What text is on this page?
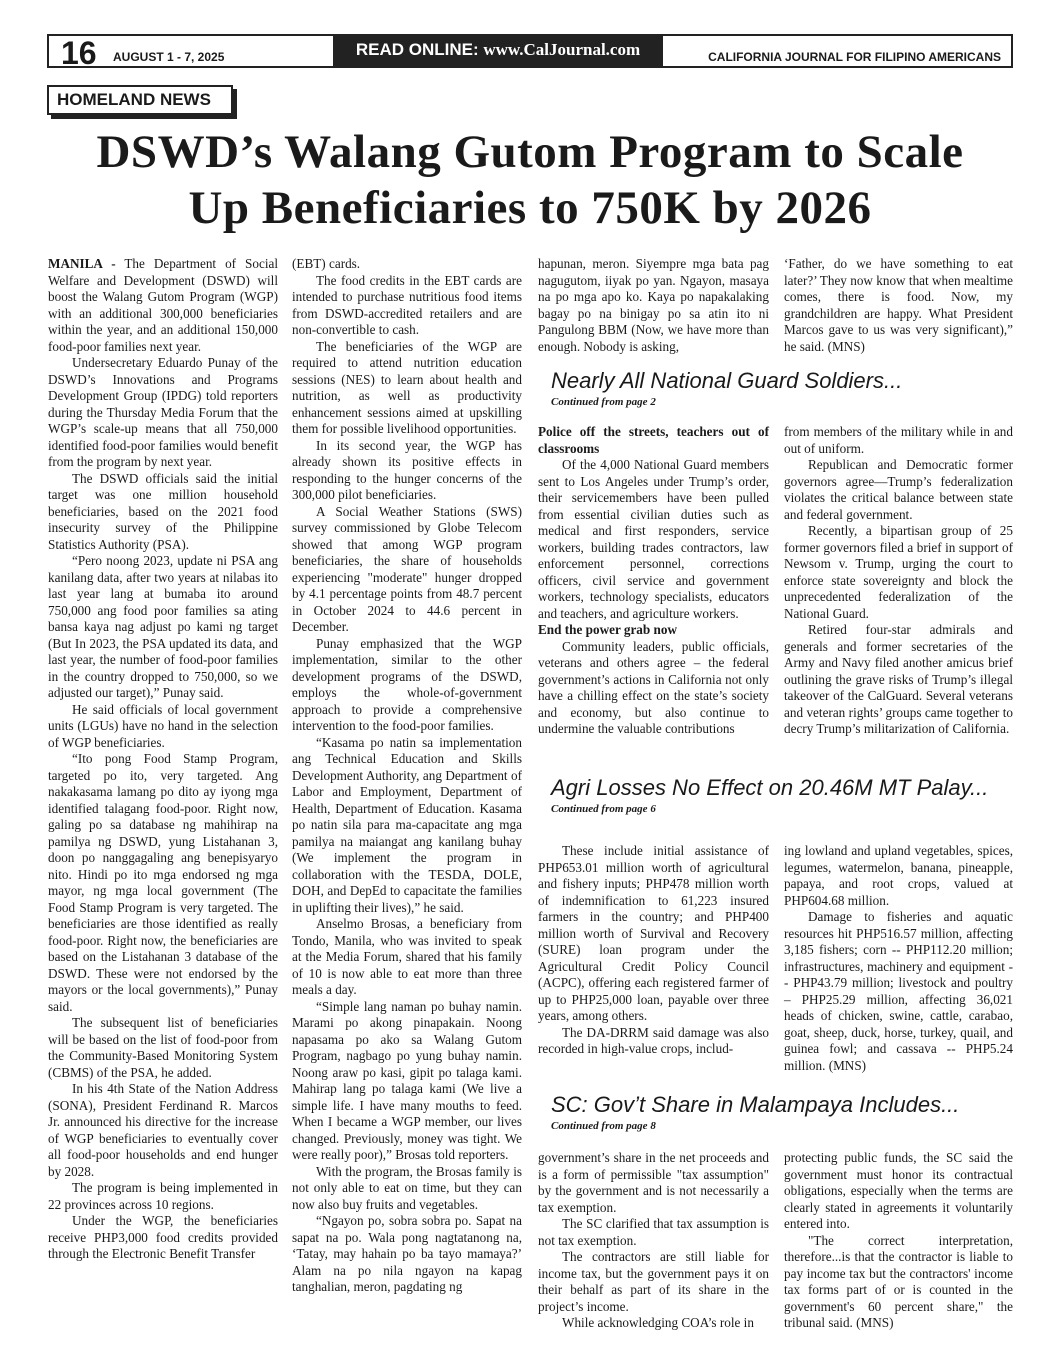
16 AUGUST 1 - 7, 2025	READ ONLINE: www.CalJournal.com	CALIFORNIA JOURNAL FOR FILIPINO AMERICANS
HOMELAND NEWS
DSWD’s Walang Gutom Program to Scale Up Beneficiaries to 750K by 2026

MANILA - The Department of Social Welfare and Development (DSWD) will boost the Walang Gutom Program (WGP) with an additional 300,000 beneficiaries within the year, and an additional 150,000 food-poor families next year.

Undersecretary Eduardo Punay of the DSWD’s Innovations and Programs Development Group (IPDG) told reporters during the Thursday Media Forum that the WGP’s scale-up means that all 750,000 identified food-poor families would benefit from the program by next year.

The DSWD officials said the initial target was one million household beneficiaries, based on the 2021 food insecurity survey of the Philippine Statistics Authority (PSA).

“Pero noong 2023, update ni PSA ang kanilang data, after two years at nilabas ito last year lang at bumaba ito around 750,000 ang food poor families sa ating bansa kaya nag adjust po kami ng target (But In 2023, the PSA updated its data, and last year, the number of food-poor families in the country dropped to 750,000, so we adjusted our target),” Punay said.

He said officials of local government units (LGUs) have no hand in the selection of WGP beneficiaries.

“Ito pong Food Stamp Program, targeted po ito, very targeted. Ang nakakasama lamang po dito ay iyong mga identified talagang food-poor. Right now, galing po sa database ng mahihirap na pamilya ng DSWD, yung Listahanan 3, doon po nanggagaling ang benepisyaryo nito. Hindi po ito mga endorsed ng mga mayor, ng mga local government (The Food Stamp Program is very targeted. The beneficiaries are those identified as really food-poor. Right now, the beneficiaries are based on the Listahanan 3 database of the DSWD. These were not endorsed by the mayors or the local governments),” Punay said.

The subsequent list of beneficiaries will be based on the list of food-poor from the Community-Based Monitoring System (CBMS) of the PSA, he added.

In his 4th State of the Nation Address (SONA), President Ferdinand R. Marcos Jr. announced his directive for the increase of WGP beneficiaries to eventually cover all food-poor households and end hunger by 2028.

The program is being implemented in 22 provinces across 10 regions.

Under the WGP, the beneficiaries receive PHP3,000 food credits provided through the Electronic Benefit Transfer

(EBT) cards.

The food credits in the EBT cards are intended to purchase nutritious food items from DSWD-accredited retailers and are non-convertible to cash.

The beneficiaries of the WGP are required to attend nutrition education sessions (NES) to learn about health and nutrition, as well as productivity enhancement sessions aimed at upskilling them for possible livelihood opportunities.

In its second year, the WGP has already shown its positive effects in responding to the hunger concerns of the 300,000 pilot beneficiaries.

A Social Weather Stations (SWS) survey commissioned by Globe Telecom showed that among WGP program beneficiaries, the share of households experiencing "moderate" hunger dropped by 4.1 percentage points from 48.7 percent in October 2024 to 44.6 percent in December.

Punay emphasized that the WGP implementation, similar to the other development programs of the DSWD, employs the whole-of-government approach to provide a comprehensive intervention to the food-poor families.

“Kasama po natin sa implementation ang Technical Education and Skills Development Authority, ang Department of Labor and Employment, Department of Health, Department of Education. Kasama po natin sila para ma-capacitate ang mga pamilya na maiangat ang kanilang buhay (We implement the program in collaboration with the TESDA, DOLE, DOH, and DepEd to capacitate the families in uplifting their lives),” he said.

Anselmo Brosas, a beneficiary from Tondo, Manila, who was invited to speak at the Media Forum, shared that his family of 10 is now able to eat more than three meals a day.

“Simple lang naman po buhay namin. Marami po akong pinapakain. Noong napasama po ako sa Walang Gutom Program, nagbago po yung buhay namin. Noong araw po kasi, gipit po talaga kami. Mahirap lang po talaga kami (We live a simple life. I have many mouths to feed. When I became a WGP member, our lives changed. Previously, money was tight. We were really poor),” Brosas told reporters.

With the program, the Brosas family is not only able to eat on time, but they can now also buy fruits and vegetables.

“Ngayon po, sobra sobra po. Sapat na sapat na po. Wala pong nagtatanong na, ‘Tatay, may hahain po ba tayo mamaya?’ Alam na po nila ngayon na kapag tanghalian, meron, pagdating ng

hapunan, meron. Siyempre mga bata pag nagugutom, iiyak po yan. Ngayon, masaya na po mga apo ko. Kaya po napakalaking bagay po na binigay po sa atin ito ni Pangulong BBM (Now, we have more than enough. Nobody is asking,

‘Father, do we have something to eat later?’ They now know that when mealtime comes, there is food. Now, my grandchildren are happy. What President Marcos gave to us was very significant),” he said. (MNS)

Nearly All National Guard Soldiers...
Continued from page 2

Police off the streets, teachers out of classrooms

Of the 4,000 National Guard members sent to Los Angeles under Trump’s order, their servicemembers have been pulled from essential civilian duties such as medical and first responders, service workers, building trades contractors, law enforcement personnel, corrections officers, civil service and government workers, technology specialists, educators and teachers, and agriculture workers.

End the power grab now

Community leaders, public officials, veterans and others agree – the federal government’s actions in California not only have a chilling effect on the state’s society and economy, but also continue to undermine the valuable contributions

from members of the military while in and out of uniform.

Republican and Democratic former governors agree—Trump’s federalization violates the critical balance between state and federal government.

Recently, a bipartisan group of 25 former governors filed a brief in support of Newsom v. Trump, urging the court to enforce state sovereignty and block the unprecedented federalization of the National Guard.

Retired four-star admirals and generals and former secretaries of the Army and Navy filed another amicus brief outlining the grave risks of Trump’s illegal takeover of the CalGuard. Several veterans and veteran rights’ groups came together to decry Trump’s militarization of California.

Agri Losses No Effect on 20.46M MT Palay...
Continued from page 6

These include initial assistance of PHP653.01 million worth of agricultural and fishery inputs; PHP478 million worth of indemnification to 61,223 insured farmers in the country; and PHP400 million worth of Survival and Recovery (SURE) loan program under the Agricultural Credit Policy Council (ACPC), offering each registered farmer of up to PHP25,000 loan, payable over three years, among others.

The DA-DRRM said damage was also recorded in high-value crops, includ-

ing lowland and upland vegetables, spices, legumes, watermelon, banana, pineapple, papaya, and root crops, valued at PHP604.68 million.

Damage to fisheries and aquatic resources hit PHP516.57 million, affecting 3,185 fishers; corn -- PHP112.20 million; infrastructures, machinery and equipment -- PHP43.79 million; livestock and poultry – PHP25.29 million, affecting 36,021 heads of chicken, swine, cattle, carabao, goat, sheep, duck, horse, turkey, quail, and guinea fowl; and cassava -- PHP5.24 million. (MNS)

SC: Gov’t Share in Malampaya Includes...
Continued from page 8

government’s share in the net proceeds and is a form of permissible "tax assumption" by the government and is not necessarily a tax exemption.

The SC clarified that tax assumption is not tax exemption.

The contractors are still liable for income tax, but the government pays it on their behalf as part of its share in the project’s income.

While acknowledging COA’s role in

protecting public funds, the SC said the government must honor its contractual obligations, especially when the terms are clearly stated in agreements it voluntarily entered into.

"The correct interpretation, therefore...is that the contractor is liable to pay income tax but the contractors' income tax forms part of or is counted in the government's 60 percent share," the tribunal said. (MNS)
